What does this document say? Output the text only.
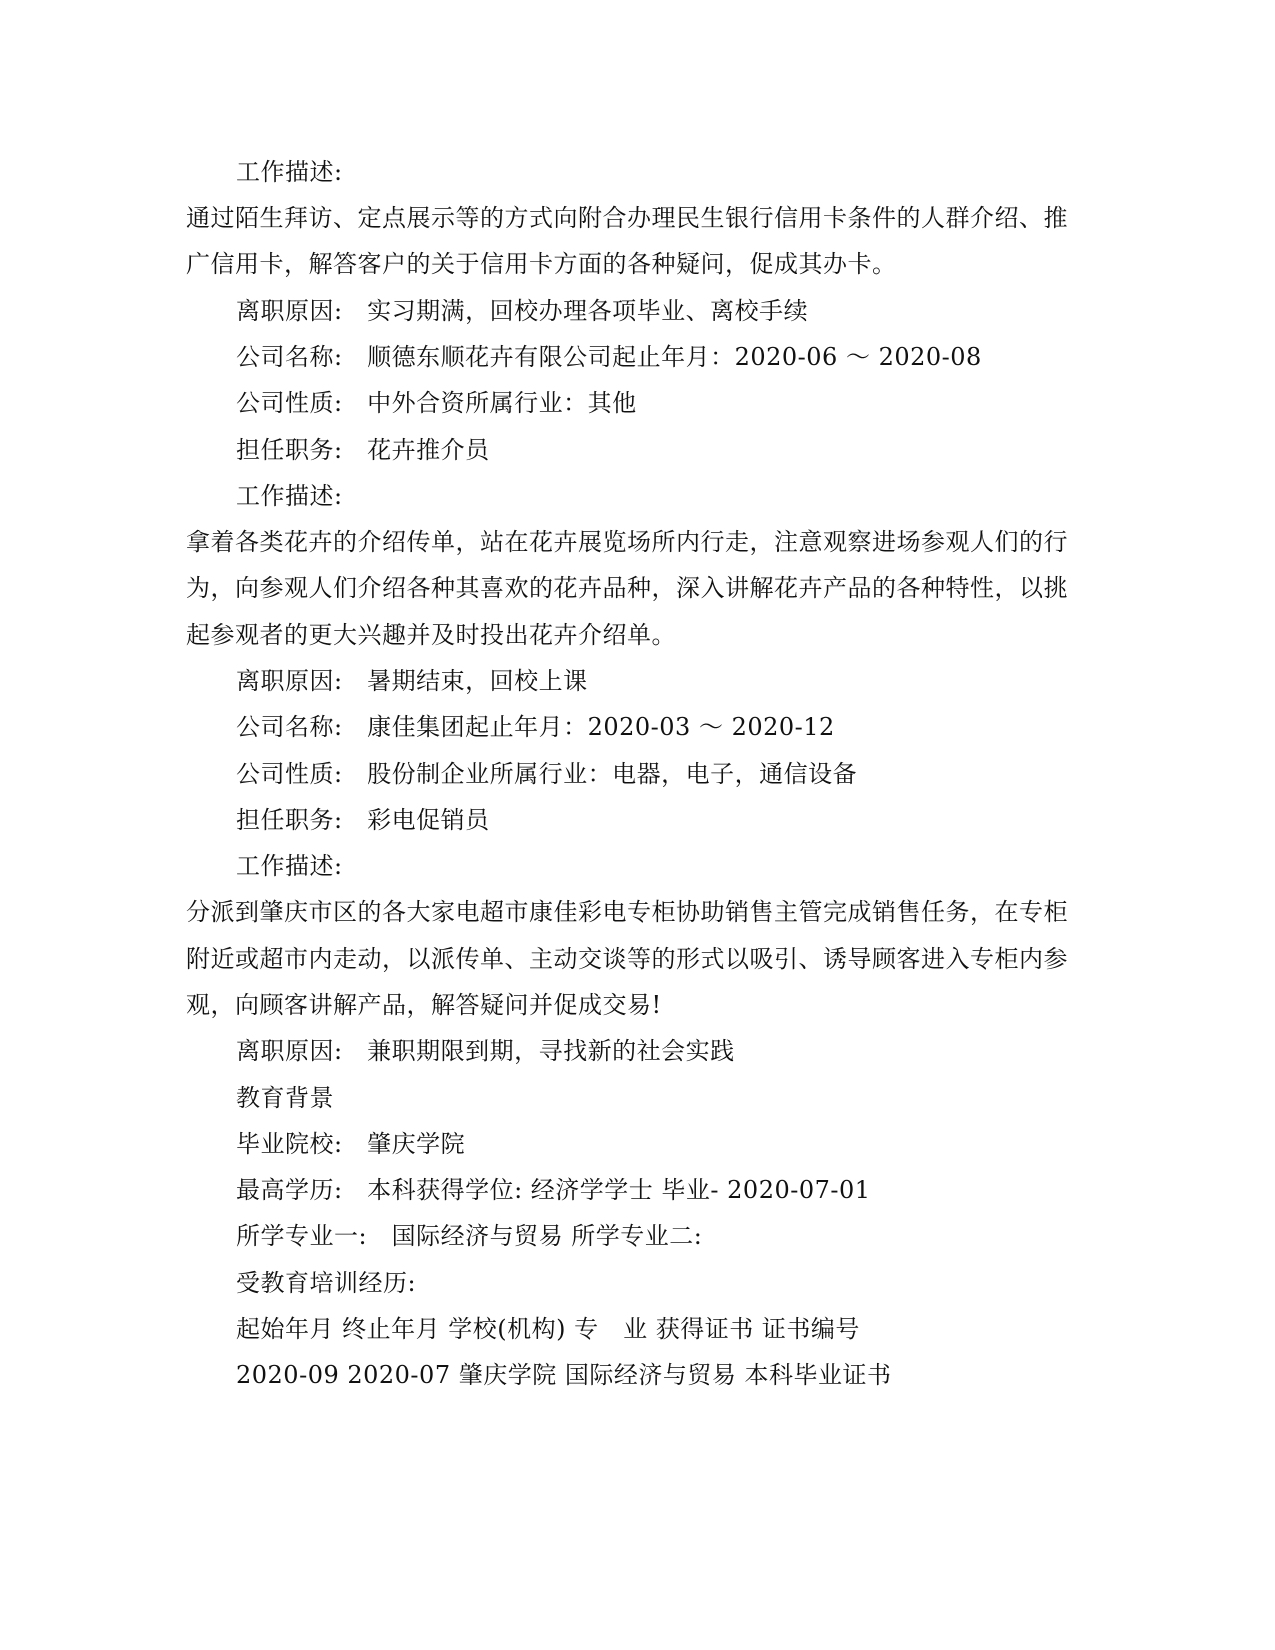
工作描述:
通过陌生拜访、定点展示等的方式向附合办理民生银行信用卡条件的人群介绍、推
广信用卡，解答客户的关于信用卡方面的各种疑问，促成其办卡。
离职原因:　实习期满，回校办理各项毕业、离校手续
公司名称:　顺德东顺花卉有限公司起止年月：2020-06 ～ 2020-08
公司性质:　中外合资所属行业：其他
担任职务:　花卉推介员
工作描述:
拿着各类花卉的介绍传单，站在花卉展览场所内行走，注意观察进场参观人们的行
为，向参观人们介绍各种其喜欢的花卉品种，深入讲解花卉产品的各种特性，以挑
起参观者的更大兴趣并及时投出花卉介绍单。
离职原因:　暑期结束，回校上课
公司名称:　康佳集团起止年月：2020-03 ～ 2020-12
公司性质:　股份制企业所属行业：电器，电子，通信设备
担任职务:　彩电促销员
工作描述:
分派到肇庆市区的各大家电超市康佳彩电专柜协助销售主管完成销售任务，在专柜
附近或超市内走动，以派传单、主动交谈等的形式以吸引、诱导顾客进入专柜内参
观，向顾客讲解产品，解答疑问并促成交易!
离职原因:　兼职期限到期，寻找新的社会实践
教育背景
毕业院校:　肇庆学院
最高学历:　本科获得学位: 经济学学士 毕业- 2020-07-01
所学专业一:　国际经济与贸易 所学专业二:
受教育培训经历:
起始年月 终止年月 学校(机构) 专　业 获得证书 证书编号
2020-09 2020-07 肇庆学院 国际经济与贸易 本科毕业证书
